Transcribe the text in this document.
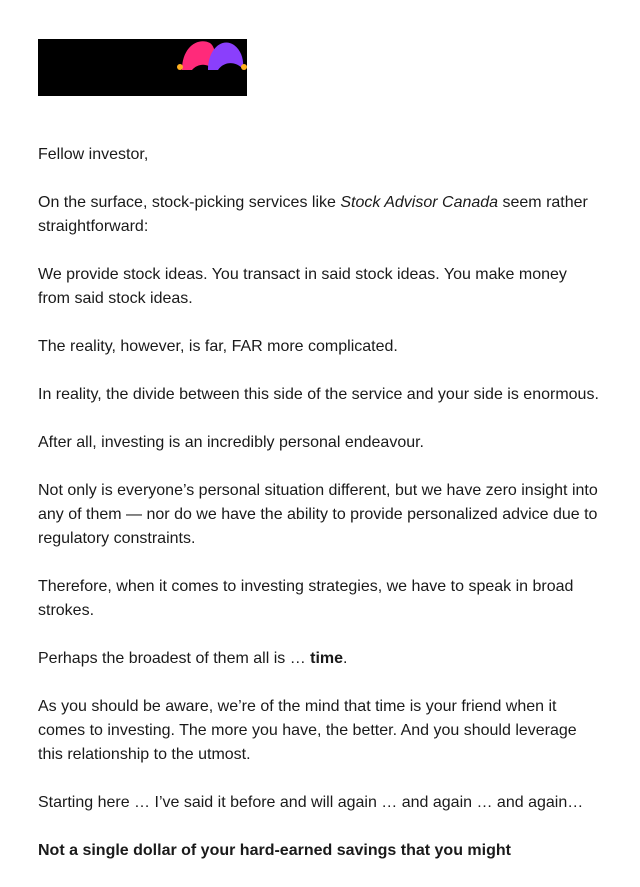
Fellow investor,

On the surface, stock-picking services like Stock Advisor Canada seem rather straightforward:

We provide stock ideas. You transact in said stock ideas. You make money from said stock ideas.

The reality, however, is far, FAR more complicated.

In reality, the divide between this side of the service and your side is enormous.

After all, investing is an incredibly personal endeavour.

Not only is everyone’s personal situation different, but we have zero insight into any of them — nor do we have the ability to provide personalized advice due to regulatory constraints.

Therefore, when it comes to investing strategies, we have to speak in broad strokes.

Perhaps the broadest of them all is … time.

As you should be aware, we’re of the mind that time is your friend when it comes to investing. The more you have, the better. And you should leverage this relationship to the utmost.

Starting here … I’ve said it before and will again … and again … and again…

Not a single dollar of your hard-earned savings that you might
